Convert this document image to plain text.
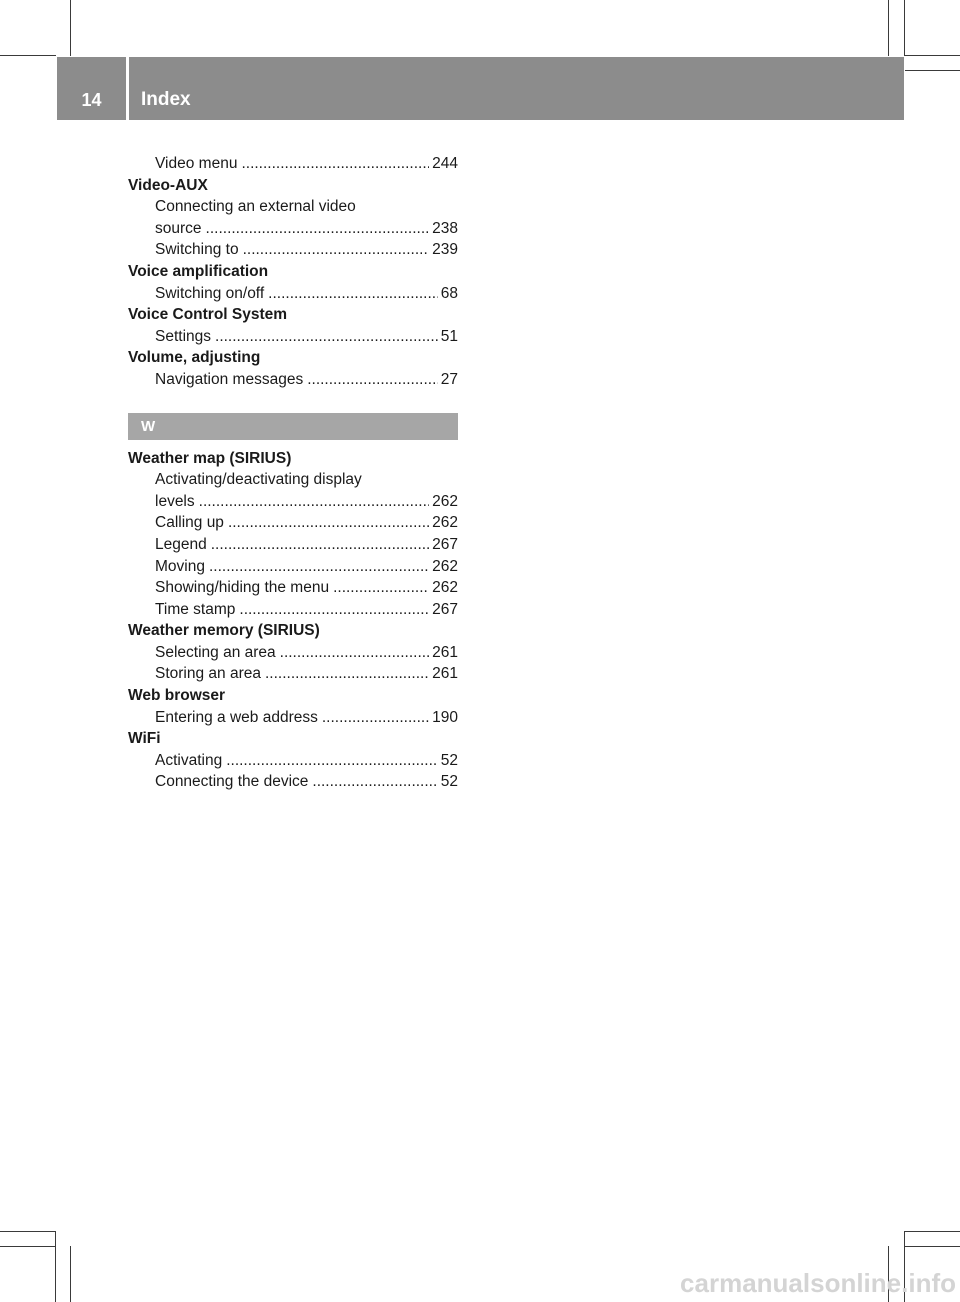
14	Index
Video menu .....	244
Video-AUX
Connecting an external video
source .....	238
Switching to .....	239
Voice amplification
Switching on/off .....	68
Voice Control System
Settings .....	51
Volume, adjusting
Navigation messages .....	27
W
Weather map (SIRIUS)
Activating/deactivating display
levels .....	262
Calling up .....	262
Legend .....	267
Moving .....	262
Showing/hiding the menu .....	262
Time stamp .....	267
Weather memory (SIRIUS)
Selecting an area .....	261
Storing an area .....	261
Web browser
Entering a web address .....	190
WiFi
Activating .....	52
Connecting the device .....	52
carmanualsonline.info
